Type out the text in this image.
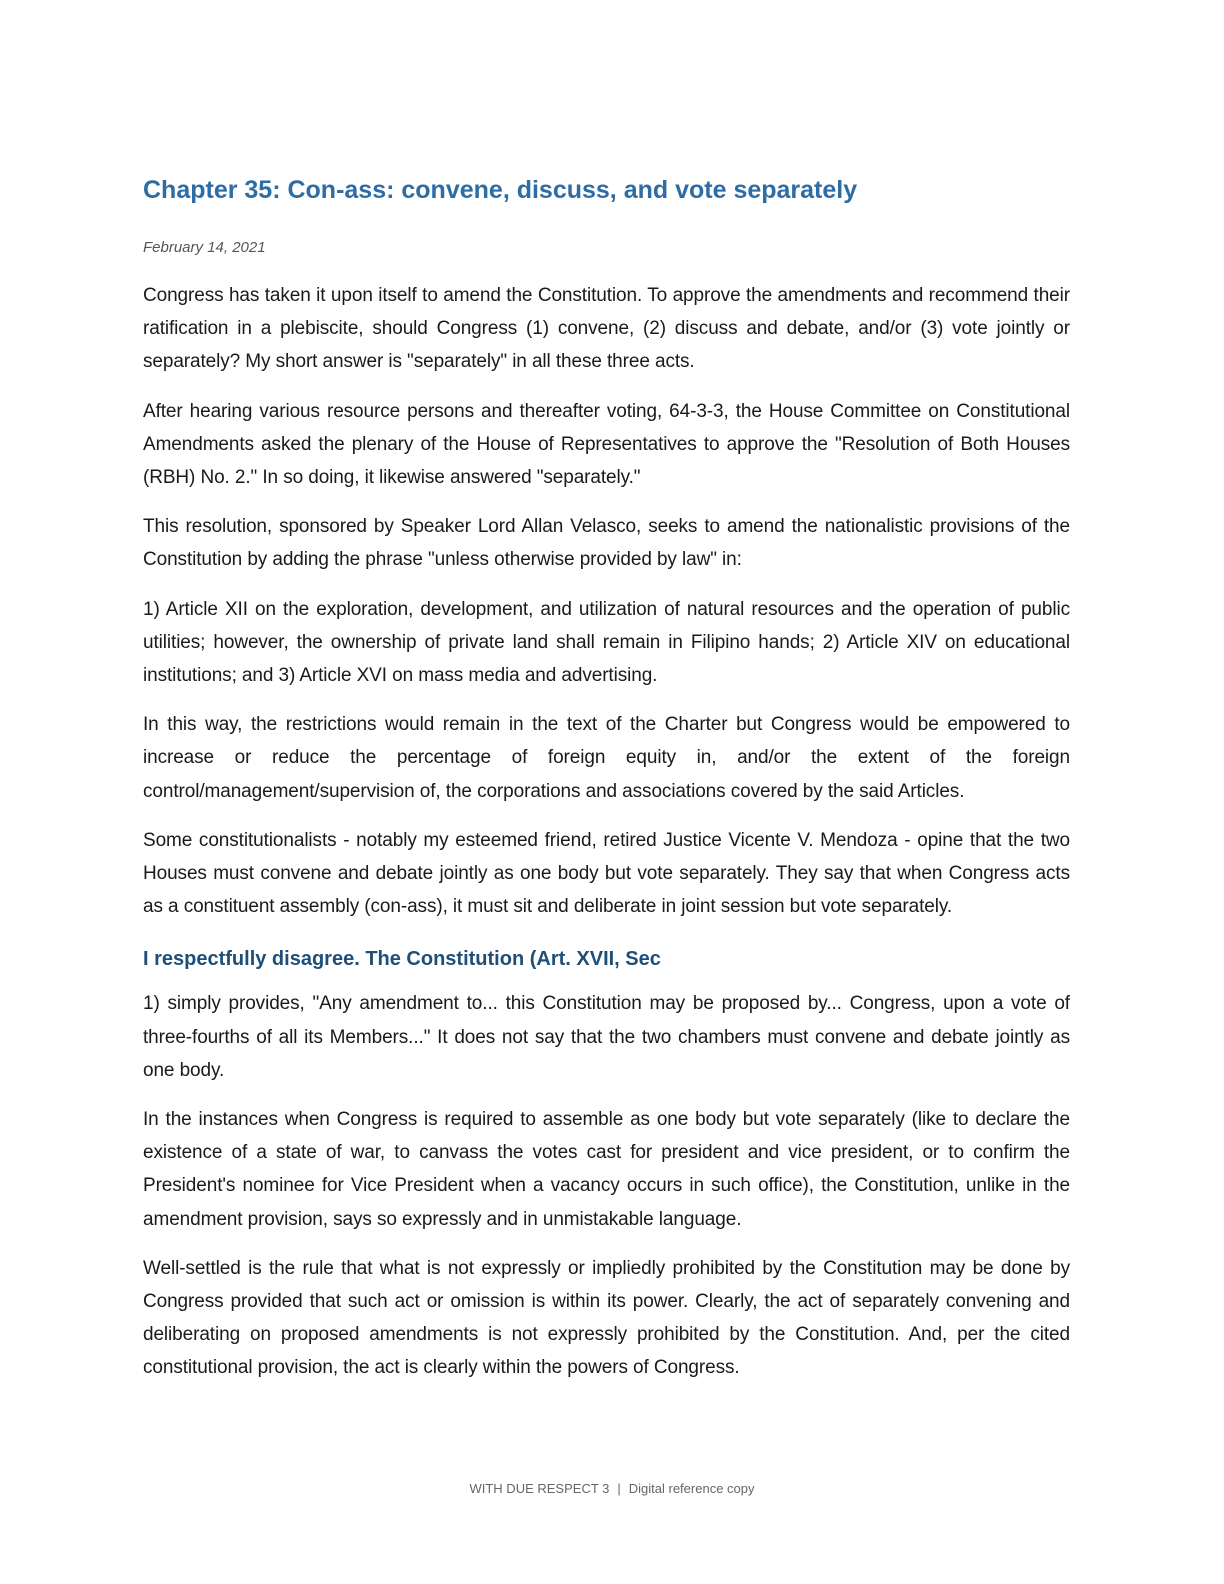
Chapter 35: Con-ass: convene, discuss, and vote separately
February 14, 2021

Congress has taken it upon itself to amend the Constitution. To approve the amendments and recommend their ratification in a plebiscite, should Congress (1) convene, (2) discuss and debate, and/or (3) vote jointly or separately? My short answer is "separately" in all these three acts.

After hearing various resource persons and thereafter voting, 64-3-3, the House Committee on Constitutional Amendments asked the plenary of the House of Representatives to approve the "Resolution of Both Houses (RBH) No. 2." In so doing, it likewise answered "separately."

This resolution, sponsored by Speaker Lord Allan Velasco, seeks to amend the nationalistic provisions of the Constitution by adding the phrase "unless otherwise provided by law" in:

1) Article XII on the exploration, development, and utilization of natural resources and the operation of public utilities; however, the ownership of private land shall remain in Filipino hands; 2) Article XIV on educational institutions; and 3) Article XVI on mass media and advertising.

In this way, the restrictions would remain in the text of the Charter but Congress would be empowered to increase or reduce the percentage of foreign equity in, and/or the extent of the foreign control/management/supervision of, the corporations and associations covered by the said Articles.

Some constitutionalists - notably my esteemed friend, retired Justice Vicente V. Mendoza - opine that the two Houses must convene and debate jointly as one body but vote separately. They say that when Congress acts as a constituent assembly (con-ass), it must sit and deliberate in joint session but vote separately.

I respectfully disagree. The Constitution (Art. XVII, Sec

1) simply provides, "Any amendment to... this Constitution may be proposed by... Congress, upon a vote of three-fourths of all its Members..." It does not say that the two chambers must convene and debate jointly as one body.

In the instances when Congress is required to assemble as one body but vote separately (like to declare the existence of a state of war, to canvass the votes cast for president and vice president, or to confirm the President's nominee for Vice President when a vacancy occurs in such office), the Constitution, unlike in the amendment provision, says so expressly and in unmistakable language.

Well-settled is the rule that what is not expressly or impliedly prohibited by the Constitution may be done by Congress provided that such act or omission is within its power. Clearly, the act of separately convening and deliberating on proposed amendments is not expressly prohibited by the Constitution. And, per the cited constitutional provision, the act is clearly within the powers of Congress.

WITH DUE RESPECT 3 | Digital reference copy
